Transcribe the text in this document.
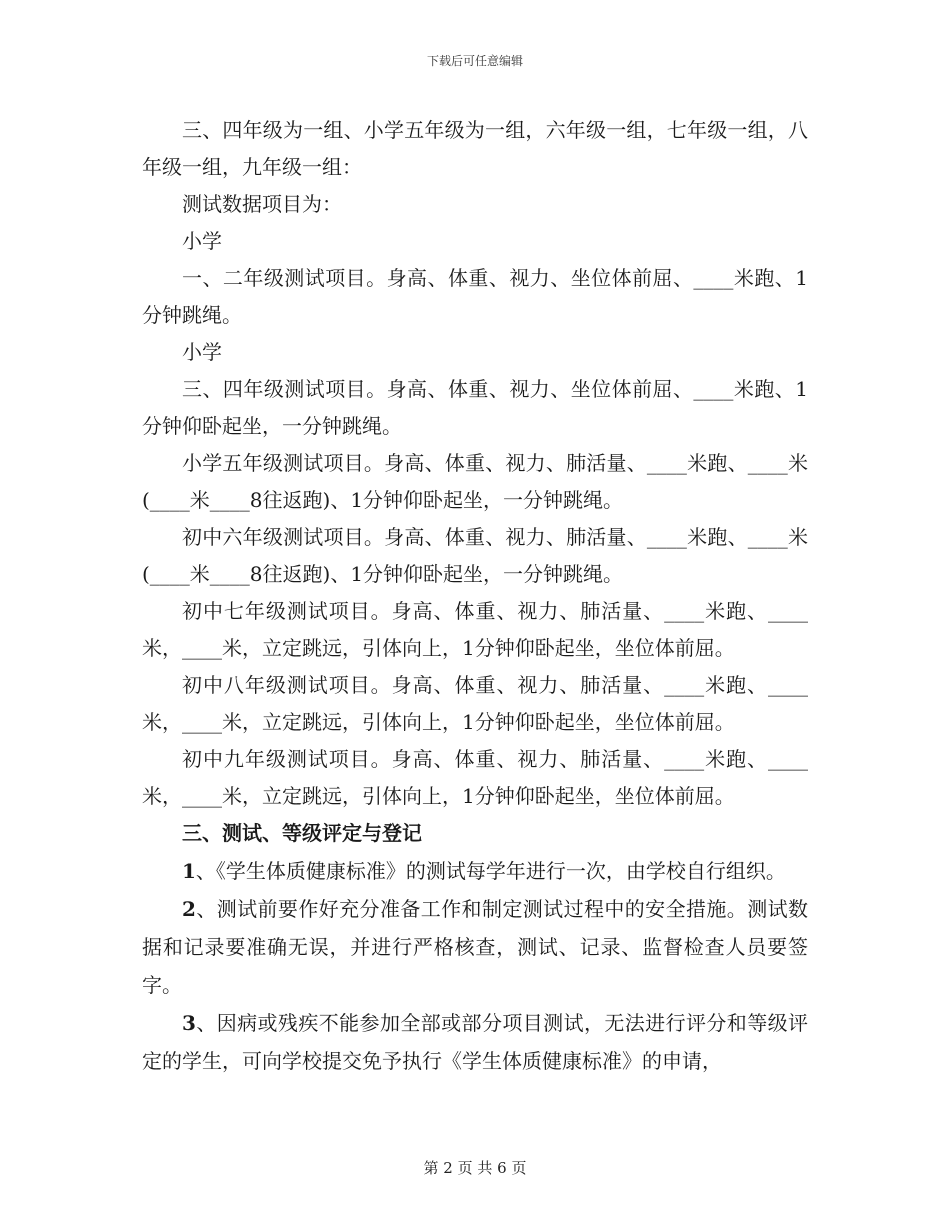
下载后可任意编辑

三、四年级为一组、小学五年级为一组，六年级一组，七年级一组，八年级一组，九年级一组：

测试数据项目为：

小学

一、二年级测试项目。身高、体重、视力、坐位体前屈、____米跑、1分钟跳绳。

小学

三、四年级测试项目。身高、体重、视力、坐位体前屈、____米跑、1分钟仰卧起坐，一分钟跳绳。

小学五年级测试项目。身高、体重、视力、肺活量、____米跑、____米(____米____8往返跑)、1分钟仰卧起坐，一分钟跳绳。

初中六年级测试项目。身高、体重、视力、肺活量、____米跑、____米(____米____8往返跑)、1分钟仰卧起坐，一分钟跳绳。

初中七年级测试项目。身高、体重、视力、肺活量、____米跑、____米，____米，立定跳远，引体向上，1分钟仰卧起坐，坐位体前屈。

初中八年级测试项目。身高、体重、视力、肺活量、____米跑、____米，____米，立定跳远，引体向上，1分钟仰卧起坐，坐位体前屈。

初中九年级测试项目。身高、体重、视力、肺活量、____米跑、____米，____米，立定跳远，引体向上，1分钟仰卧起坐，坐位体前屈。

三、测试、等级评定与登记

1、《学生体质健康标准》的测试每学年进行一次，由学校自行组织。

2、测试前要作好充分准备工作和制定测试过程中的安全措施。测试数据和记录要准确无误，并进行严格核查，测试、记录、监督检查人员要签字。

3、因病或残疾不能参加全部或部分项目测试，无法进行评分和等级评定的学生，可向学校提交免予执行《学生体质健康标准》的申请，

第 2 页 共 6 页
